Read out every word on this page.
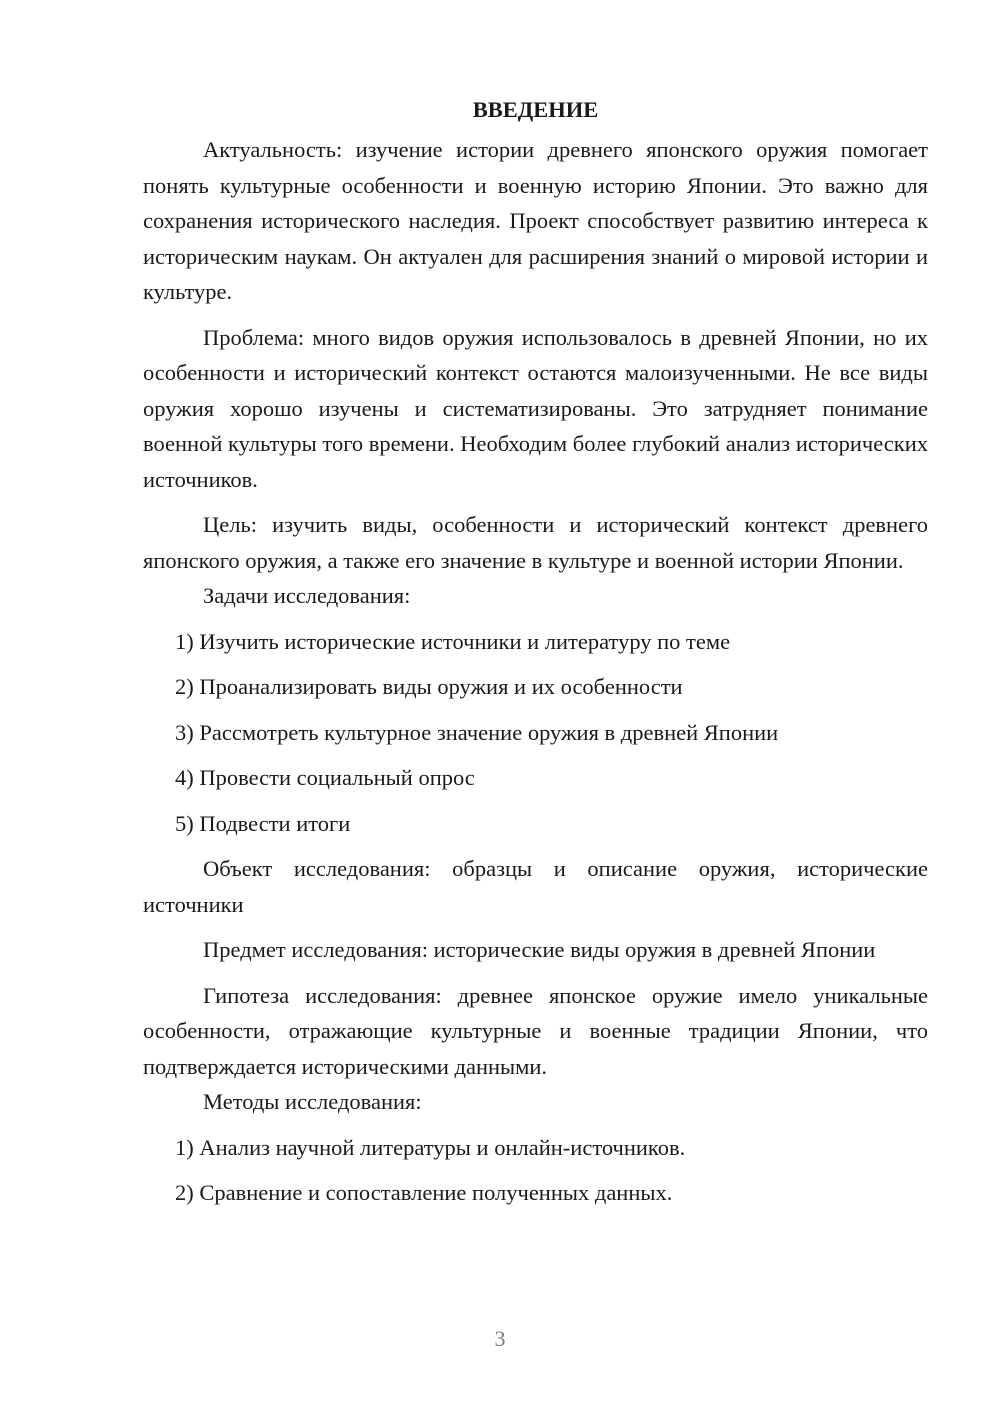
ВВЕДЕНИЕ

Актуальность: изучение истории древнего японского оружия помогает понять культурные особенности и военную историю Японии. Это важно для сохранения исторического наследия. Проект способствует развитию интереса к историческим наукам. Он актуален для расширения знаний о мировой истории и культуре.

Проблема: много видов оружия использовалось в древней Японии, но их особенности и исторический контекст остаются малоизученными. Не все виды оружия хорошо изучены и систематизированы. Это затрудняет понимание военной культуры того времени. Необходим более глубокий анализ исторических источников.

Цель: изучить виды, особенности и исторический контекст древнего японского оружия, а также его значение в культуре и военной истории Японии.

Задачи исследования:

1) Изучить исторические источники и литературу по теме

2) Проанализировать виды оружия и их особенности

3) Рассмотреть культурное значение оружия в древней Японии

4) Провести социальный опрос

5) Подвести итоги

Объект исследования: образцы и описание оружия, исторические источники

Предмет исследования: исторические виды оружия в древней Японии

Гипотеза исследования: древнее японское оружие имело уникальные особенности, отражающие культурные и военные традиции Японии, что подтверждается историческими данными.

Методы исследования:

1) Анализ научной литературы и онлайн-источников.

2) Сравнение и сопоставление полученных данных.

3
